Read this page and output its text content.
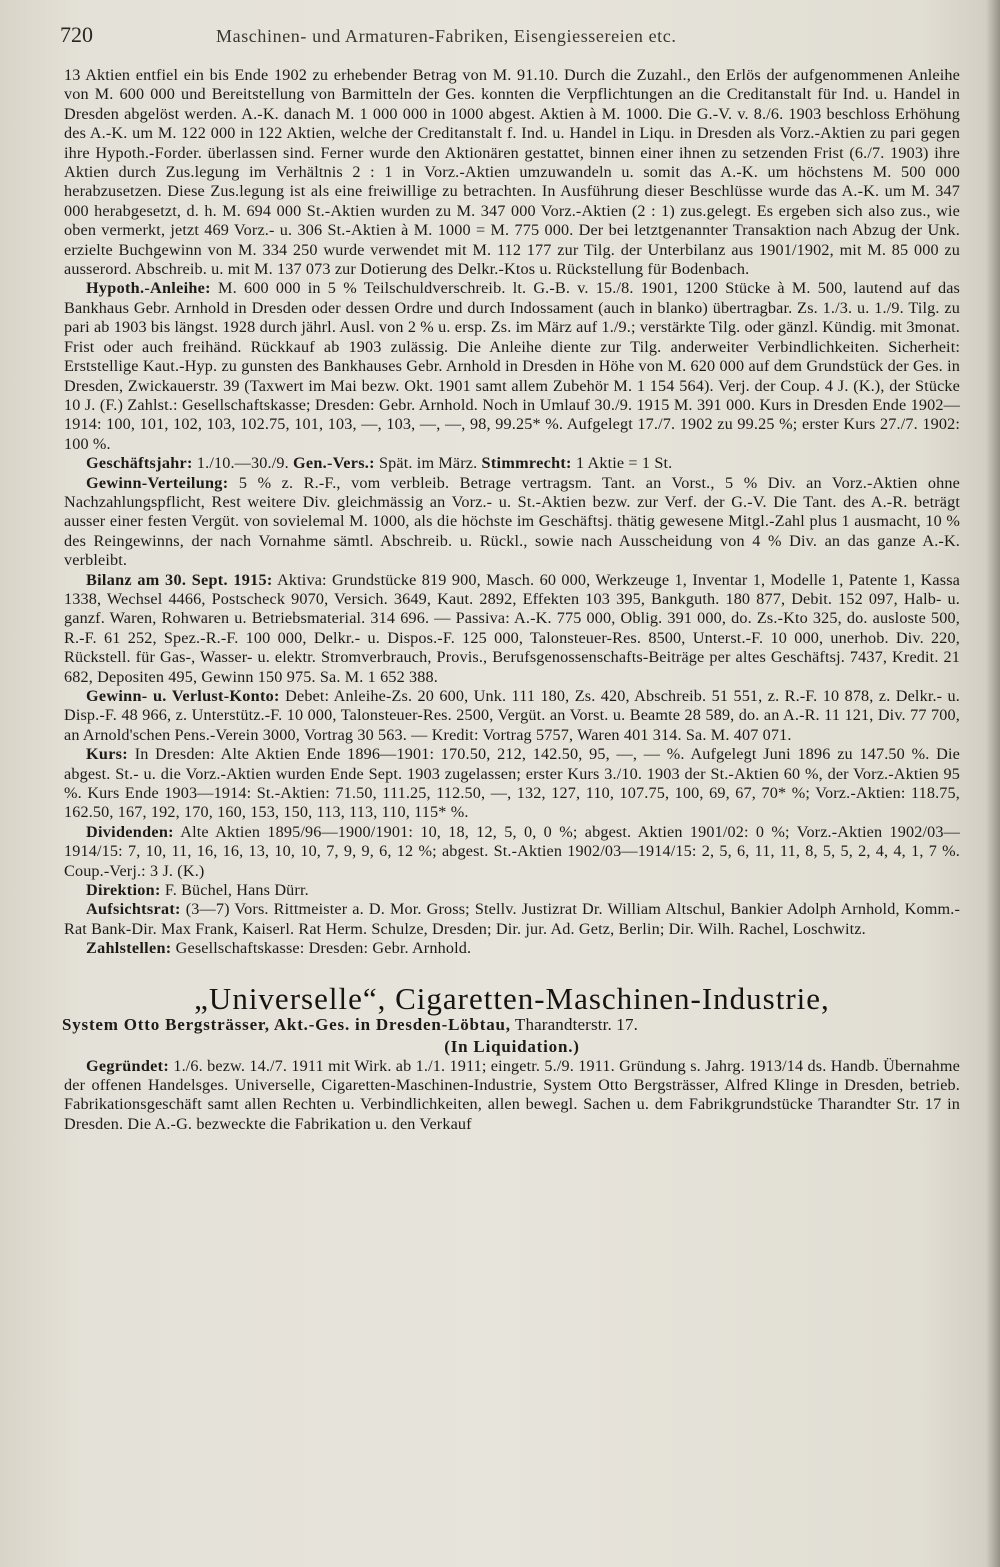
720	Maschinen- und Armaturen-Fabriken, Eisengiessereien etc.

13 Aktien entfiel ein bis Ende 1902 zu erhebender Betrag von M. 91.10. Durch die Zuzahl., den Erlös der aufgenommenen Anleihe von M. 600 000 und Bereitstellung von Barmitteln der Ges. konnten die Verpflichtungen an die Creditanstalt für Ind. u. Handel in Dresden abgelöst werden. A.-K. danach M. 1 000 000 in 1000 abgest. Aktien à M. 1000. Die G.-V. v. 8./6. 1903 beschloss Erhöhung des A.-K. um M. 122 000 in 122 Aktien, welche der Creditanstalt f. Ind. u. Handel in Liqu. in Dresden als Vorz.-Aktien zu pari gegen ihre Hypoth.-Forder. überlassen sind. Ferner wurde den Aktionären gestattet, binnen einer ihnen zu setzenden Frist (6./7. 1903) ihre Aktien durch Zus.legung im Verhältnis 2 : 1 in Vorz.-Aktien umzuwandeln u. somit das A.-K. um höchstens M. 500 000 herabzusetzen. Diese Zus.legung ist als eine freiwillige zu betrachten. In Ausführung dieser Beschlüsse wurde das A.-K. um M. 347 000 herabgesetzt, d. h. M. 694 000 St.-Aktien wurden zu M. 347 000 Vorz.-Aktien (2 : 1) zus.gelegt. Es ergeben sich also zus., wie oben vermerkt, jetzt 469 Vorz.- u. 306 St.-Aktien à M. 1000 = M. 775 000. Der bei letztgenannter Transaktion nach Abzug der Unk. erzielte Buchgewinn von M. 334 250 wurde verwendet mit M. 112 177 zur Tilg. der Unterbilanz aus 1901/1902, mit M. 85 000 zu ausserord. Abschreib. u. mit M. 137 073 zur Dotierung des Delkr.-Ktos u. Rückstellung für Bodenbach.

Hypoth.-Anleihe: M. 600 000 in 5 % Teilschuldverschreib. lt. G.-B. v. 15./8. 1901, 1200 Stücke à M. 500, lautend auf das Bankhaus Gebr. Arnhold in Dresden oder dessen Ordre und durch Indossament (auch in blanko) übertragbar. Zs. 1./3. u. 1./9. Tilg. zu pari ab 1903 bis längst. 1928 durch jährl. Ausl. von 2 % u. ersp. Zs. im März auf 1./9.; verstärkte Tilg. oder gänzl. Kündig. mit 3monat. Frist oder auch freihänd. Rückkauf ab 1903 zulässig. Die Anleihe diente zur Tilg. anderweiter Verbindlichkeiten. Sicherheit: Erststellige Kaut.-Hyp. zu gunsten des Bankhauses Gebr. Arnhold in Dresden in Höhe von M. 620 000 auf dem Grundstück der Ges. in Dresden, Zwickauerstr. 39 (Taxwert im Mai bezw. Okt. 1901 samt allem Zubehör M. 1 154 564). Verj. der Coup. 4 J. (K.), der Stücke 10 J. (F.) Zahlst.: Gesellschaftskasse; Dresden: Gebr. Arnhold. Noch in Umlauf 30./9. 1915 M. 391 000. Kurs in Dresden Ende 1902—1914: 100, 101, 102, 103, 102.75, 101, 103, —, 103, —, —, 98, 99.25* %. Aufgelegt 17./7. 1902 zu 99.25 %; erster Kurs 27./7. 1902: 100 %.

Geschäftsjahr: 1./10.—30./9. Gen.-Vers.: Spät. im März. Stimmrecht: 1 Aktie = 1 St.

Gewinn-Verteilung: 5 % z. R.-F., vom verbleib. Betrage vertragsm. Tant. an Vorst., 5 % Div. an Vorz.-Aktien ohne Nachzahlungspflicht, Rest weitere Div. gleichmässig an Vorz.- u. St.-Aktien bezw. zur Verf. der G.-V. Die Tant. des A.-R. beträgt ausser einer festen Vergüt. von sovielemal M. 1000, als die höchste im Geschäftsj. thätig gewesene Mitgl.-Zahl plus 1 ausmacht, 10 % des Reingewinns, der nach Vornahme sämtl. Abschreib. u. Rückl., sowie nach Ausscheidung von 4 % Div. an das ganze A.-K. verbleibt.

Bilanz am 30. Sept. 1915: Aktiva: Grundstücke 819 900, Masch. 60 000, Werkzeuge 1, Inventar 1, Modelle 1, Patente 1, Kassa 1338, Wechsel 4466, Postscheck 9070, Versich. 3649, Kaut. 2892, Effekten 103 395, Bankguth. 180 877, Debit. 152 097, Halb- u. ganzf. Waren, Rohwaren u. Betriebsmaterial. 314 696. — Passiva: A.-K. 775 000, Oblig. 391 000, do. Zs.-Kto 325, do. ausloste 500, R.-F. 61 252, Spez.-R.-F. 100 000, Delkr.- u. Dispos.-F. 125 000, Talonsteuer-Res. 8500, Unterst.-F. 10 000, unerhob. Div. 220, Rückstell. für Gas-, Wasser- u. elektr. Stromverbrauch, Provis., Berufsgenossenschafts-Beiträge per altes Geschäftsj. 7437, Kredit. 21 682, Depositen 495, Gewinn 150 975. Sa. M. 1 652 388.

Gewinn- u. Verlust-Konto: Debet: Anleihe-Zs. 20 600, Unk. 111 180, Zs. 420, Abschreib. 51 551, z. R.-F. 10 878, z. Delkr.- u. Disp.-F. 48 966, z. Unterstütz.-F. 10 000, Talonsteuer-Res. 2500, Vergüt. an Vorst. u. Beamte 28 589, do. an A.-R. 11 121, Div. 77 700, an Arnold'schen Pens.-Verein 3000, Vortrag 30 563. — Kredit: Vortrag 5757, Waren 401 314. Sa. M. 407 071.

Kurs: In Dresden: Alte Aktien Ende 1896—1901: 170.50, 212, 142.50, 95, —, — %. Aufgelegt Juni 1896 zu 147.50 %. Die abgest. St.- u. die Vorz.-Aktien wurden Ende Sept. 1903 zugelassen; erster Kurs 3./10. 1903 der St.-Aktien 60 %, der Vorz.-Aktien 95 %. Kurs Ende 1903—1914: St.-Aktien: 71.50, 111.25, 112.50, —, 132, 127, 110, 107.75, 100, 69, 67, 70* %; Vorz.-Aktien: 118.75, 162.50, 167, 192, 170, 160, 153, 150, 113, 113, 110, 115* %.

Dividenden: Alte Aktien 1895/96—1900/1901: 10, 18, 12, 5, 0, 0 %; abgest. Aktien 1901/02: 0 %; Vorz.-Aktien 1902/03—1914/15: 7, 10, 11, 16, 16, 13, 10, 10, 7, 9, 9, 6, 12 %; abgest. St.-Aktien 1902/03—1914/15: 2, 5, 6, 11, 11, 8, 5, 5, 2, 4, 4, 1, 7 %. Coup.-Verj.: 3 J. (K.)

Direktion: F. Büchel, Hans Dürr.

Aufsichtsrat: (3—7) Vors. Rittmeister a. D. Mor. Gross; Stellv. Justizrat Dr. William Altschul, Bankier Adolph Arnhold, Komm.-Rat Bank-Dir. Max Frank, Kaiserl. Rat Herm. Schulze, Dresden; Dir. jur. Ad. Getz, Berlin; Dir. Wilh. Rachel, Loschwitz.

Zahlstellen: Gesellschaftskasse: Dresden: Gebr. Arnhold.

„Universelle“, Cigaretten-Maschinen-Industrie,
System Otto Bergsträsser, Akt.-Ges. in Dresden-Löbtau, Tharandterstr. 17.
(In Liquidation.)

Gegründet: 1./6. bezw. 14./7. 1911 mit Wirk. ab 1./1. 1911; eingetr. 5./9. 1911. Gründung s. Jahrg. 1913/14 ds. Handb. Übernahme der offenen Handelsges. Universelle, Cigaretten-Maschinen-Industrie, System Otto Bergsträsser, Alfred Klinge in Dresden, betrieb. Fabrikationsgeschäft samt allen Rechten u. Verbindlichkeiten, allen bewegl. Sachen u. dem Fabrikgrundstücke Tharandter Str. 17 in Dresden. Die A.-G. bezweckte die Fabrikation u. den Verkauf
